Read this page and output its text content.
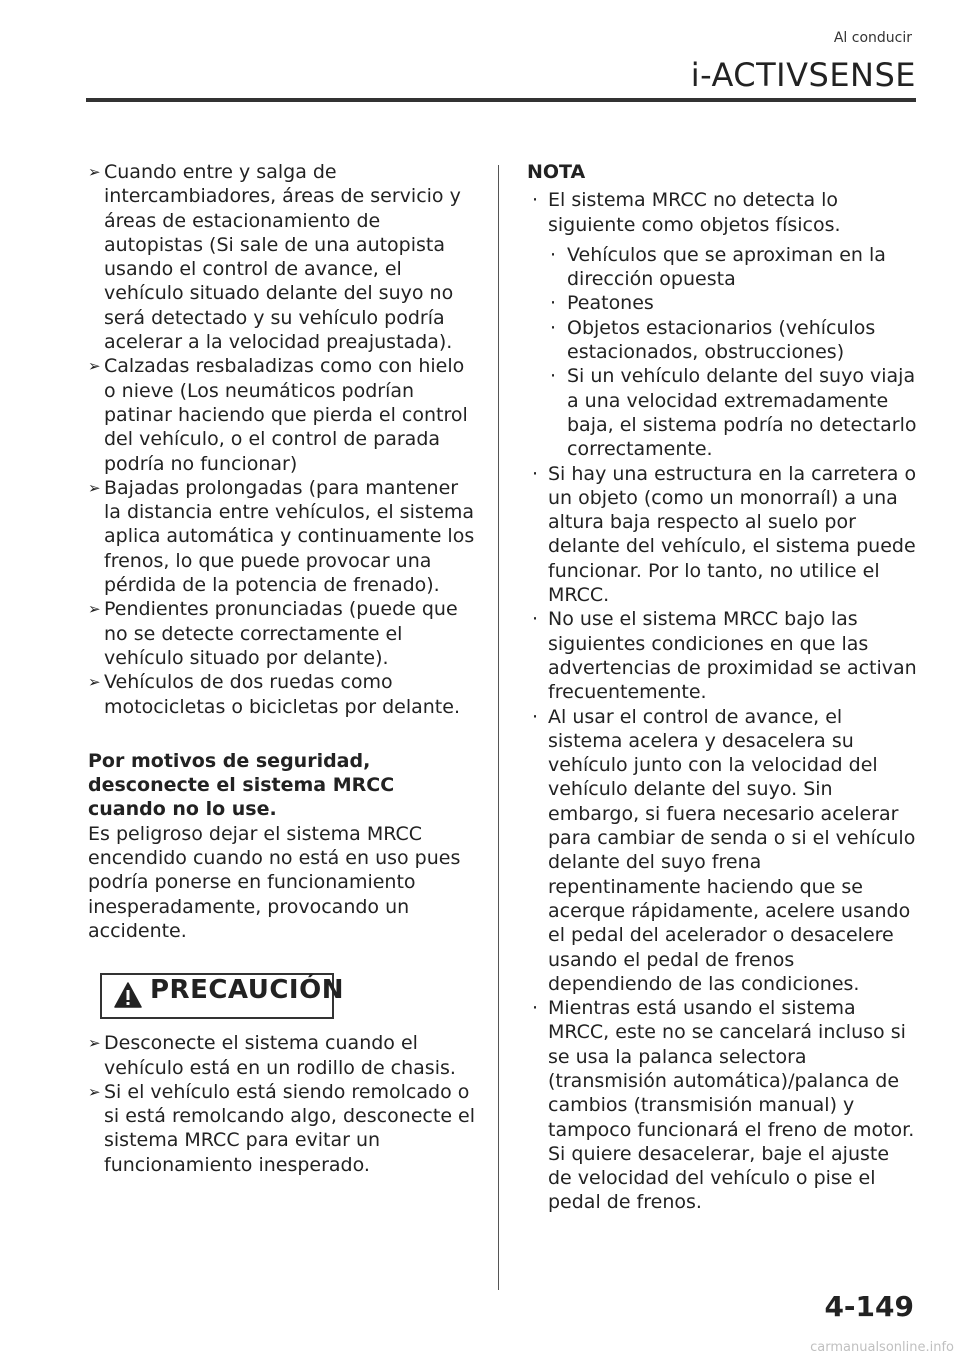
Al conducir
i-ACTIVSENSE
➢ Cuando entre y salga de intercambiadores, áreas de servicio y áreas de estacionamiento de autopistas (Si sale de una autopista usando el control de avance, el vehículo situado delante del suyo no será detectado y su vehículo podría acelerar a la velocidad preajustada).
➢ Calzadas resbaladizas como con hielo o nieve (Los neumáticos podrían patinar haciendo que pierda el control del vehículo, o el control de parada podría no funcionar)
➢ Bajadas prolongadas (para mantener la distancia entre vehículos, el sistema aplica automática y continuamente los frenos, lo que puede provocar una pérdida de la potencia de frenado).
➢ Pendientes pronunciadas (puede que no se detecte correctamente el vehículo situado por delante).
➢ Vehículos de dos ruedas como motocicletas o bicicletas por delante.

Por motivos de seguridad, desconecte el sistema MRCC cuando no lo use.

Es peligroso dejar el sistema MRCC encendido cuando no está en uso pues podría ponerse en funcionamiento inesperadamente, provocando un accidente.

PRECAUCIÓN
➢ Desconecte el sistema cuando el vehículo está en un rodillo de chasis.
➢ Si el vehículo está siendo remolcado o si está remolcando algo, desconecte el sistema MRCC para evitar un funcionamiento inesperado.

NOTA

· El sistema MRCC no detecta lo siguiente como objetos físicos.
· Vehículos que se aproximan en la dirección opuesta
· Peatones
· Objetos estacionarios (vehículos estacionados, obstrucciones)
· Si un vehículo delante del suyo viaja a una velocidad extremadamente baja, el sistema podría no detectarlo correctamente.
· Si hay una estructura en la carretera o un objeto (como un monorraíl) a una altura baja respecto al suelo por delante del vehículo, el sistema puede funcionar. Por lo tanto, no utilice el MRCC.
· No use el sistema MRCC bajo las siguientes condiciones en que las advertencias de proximidad se activan frecuentemente.
· Al usar el control de avance, el sistema acelera y desacelera su vehículo junto con la velocidad del vehículo delante del suyo. Sin embargo, si fuera necesario acelerar para cambiar de senda o si el vehículo delante del suyo frena repentinamente haciendo que se acerque rápidamente, acelere usando el pedal del acelerador o desacelere usando el pedal de frenos dependiendo de las condiciones.
· Mientras está usando el sistema MRCC, este no se cancelará incluso si se usa la palanca selectora (transmisión automática)/palanca de cambios (transmisión manual) y tampoco funcionará el freno de motor. Si quiere desacelerar, baje el ajuste de velocidad del vehículo o pise el pedal de frenos.
4-149
carmanualsonline.info
